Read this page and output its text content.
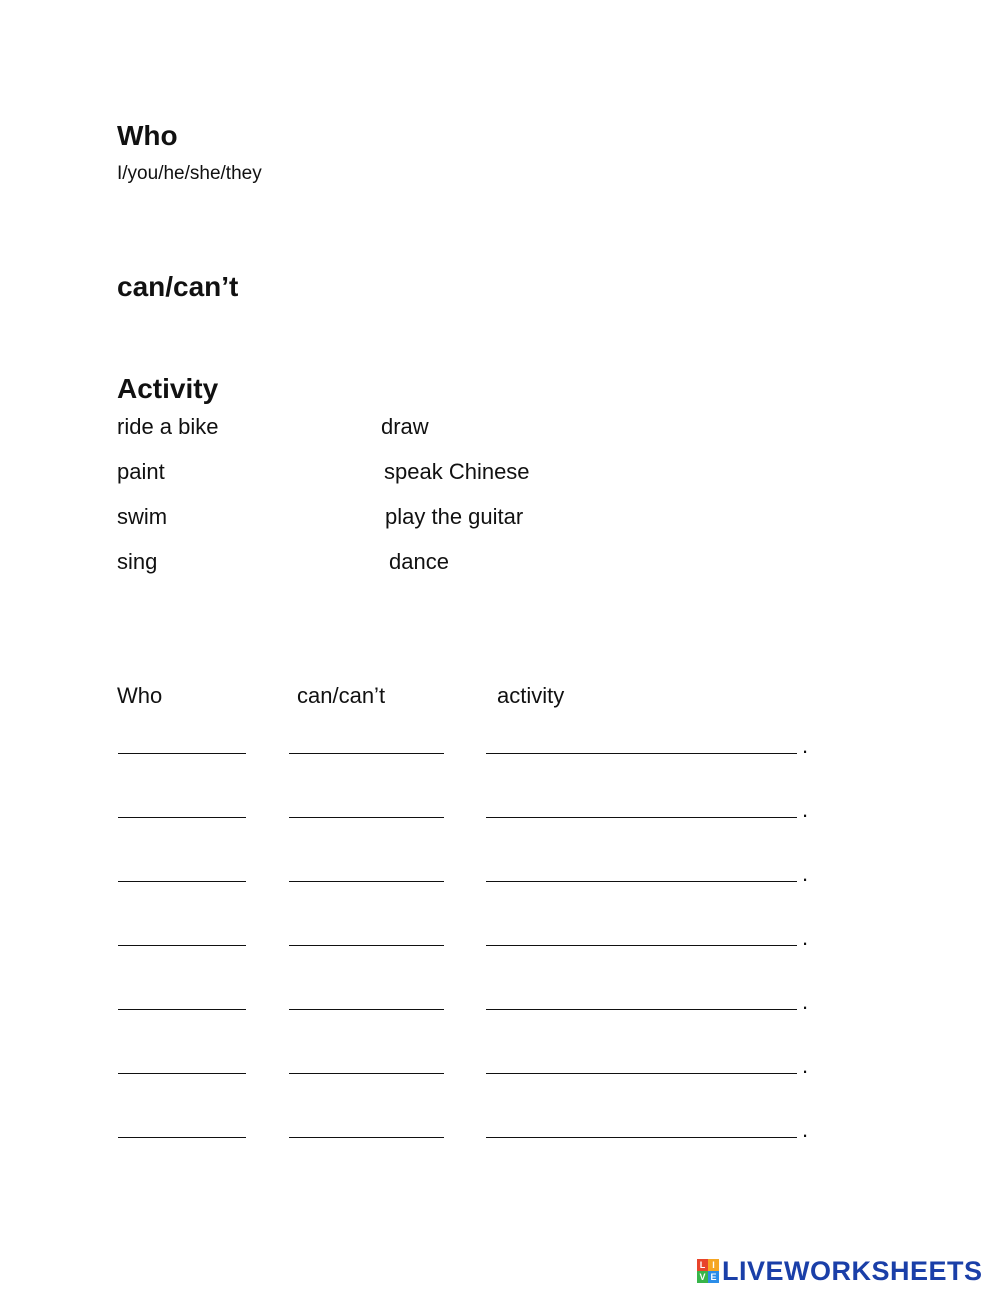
Who
I/you/he/she/they
can/can’t
Activity
ride a bike	draw
paint	speak Chinese
swim	play the guitar
sing	dance
Who	can/can’t	activity
.
.
.
.
.
.
.
L I
V E LIVEWORKSHEETS
